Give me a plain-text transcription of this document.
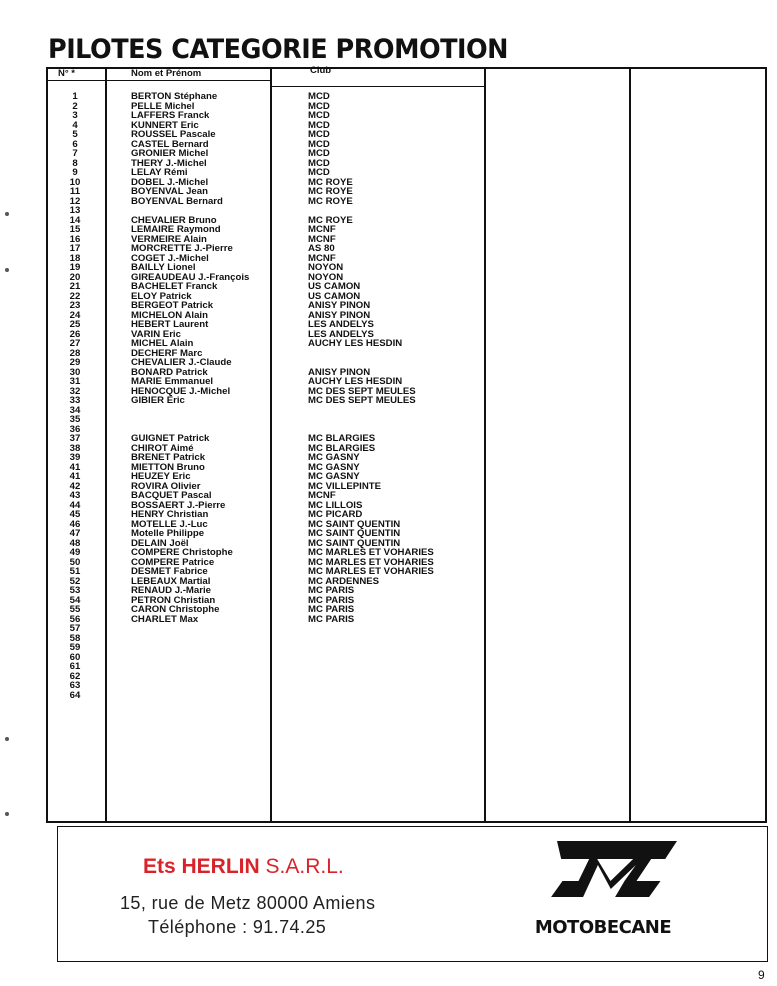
PILOTES CATEGORIE PROMOTION
N° *	Nom et Prénom	Club
1	BERTON Stéphane	MCD
2	PELLE Michel	MCD
3	LAFFERS Franck	MCD
4	KUNNERT Eric	MCD
5	ROUSSEL Pascale	MCD
6	CASTEL Bernard	MCD
7	GRONIER Michel	MCD
8	THERY J.-Michel	MCD
9	LELAY Rémi	MCD
10	DOBEL J.-Michel	MC ROYE
11	BOYENVAL Jean	MC ROYE
12	BOYENVAL Bernard	MC ROYE
13
14	CHEVALIER Bruno	MC ROYE
15	LEMAIRE Raymond	MCNF
16	VERMEIRE Alain	MCNF
17	MORCRETTE J.-Pierre	AS 80
18	COGET J.-Michel	MCNF
19	BAILLY Lionel	NOYON
20	GIREAUDEAU J.-François	NOYON
21	BACHELET Franck	US CAMON
22	ELOY Patrick	US CAMON
23	BERGEOT Patrick	ANISY PINON
24	MICHELON Alain	ANISY PINON
25	HEBERT Laurent	LES ANDELYS
26	VARIN Eric	LES ANDELYS
27	MICHEL Alain	AUCHY LES HESDIN
28	DECHERF Marc
29	CHEVALIER J.-Claude
30	BONARD Patrick	ANISY PINON
31	MARIE Emmanuel	AUCHY LES HESDIN
32	HENOCQUE J.-Michel	MC DES SEPT MEULES
33	GIBIER Eric	MC DES SEPT MEULES
34
35
36
37	GUIGNET Patrick	MC BLARGIES
38	CHIROT Aimé	MC BLARGIES
39	BRENET Patrick	MC GASNY
41	MIETTON Bruno	MC GASNY
41	HEUZEY Eric	MC GASNY
42	ROVIRA Olivier	MC VILLEPINTE
43	BACQUET Pascal	MCNF
44	BOSSAERT J.-Pierre	MC LILLOIS
45	HENRY Christian	MC PICARD
46	MOTELLE J.-Luc	MC SAINT QUENTIN
47	Motelle Philippe	MC SAINT QUENTIN
48	DELAIN Joël	MC SAINT QUENTIN
49	COMPERE Christophe	MC MARLES ET VOHARIES
50	COMPERE Patrice	MC MARLES ET VOHARIES
51	DESMET Fabrice	MC MARLES ET VOHARIES
52	LEBEAUX Martial	MC ARDENNES
53	RENAUD J.-Marie	MC PARIS
54	PETRON Christian	MC PARIS
55	CARON Christophe	MC PARIS
56	CHARLET Max	MC PARIS
57
58
59
60
61
62
63
64
Ets HERLIN S.A.R.L.
15, rue de Metz 80000 Amiens
Téléphone : 91.74.25	MOTOBECANE
9
